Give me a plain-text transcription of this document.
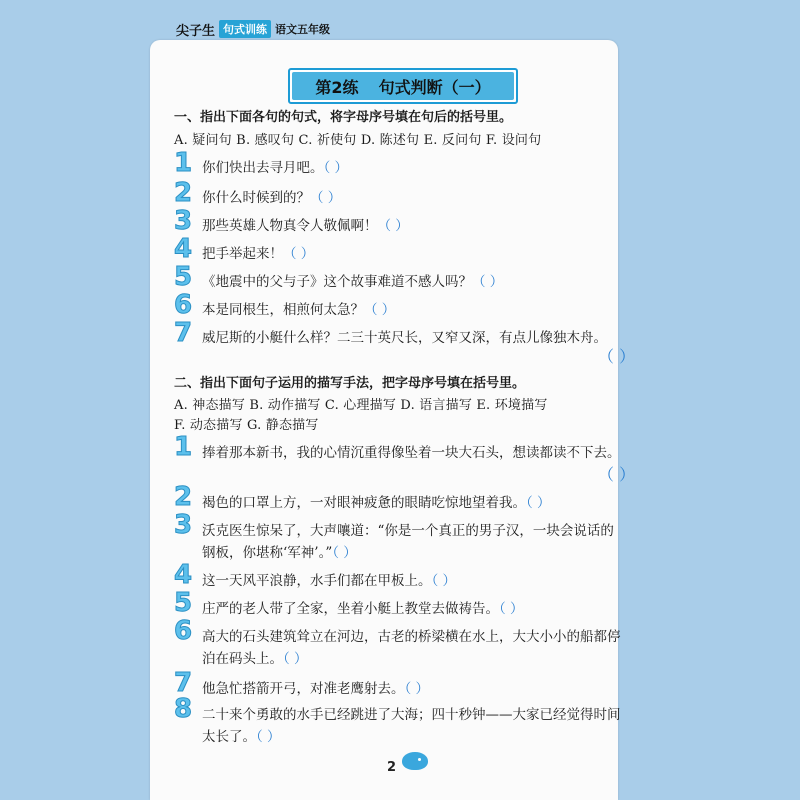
尖子生 句式训练 语文五年级
第2练 句式判断（一）
一、指出下面各句的句式，将字母序号填在句后的括号里。
A. 疑问句 B. 感叹句 C. 祈使句 D. 陈述句 E. 反问句 F. 设问句
1 你们快出去寻月吧。（ ）
2 你什么时候到的？（ ）
3 那些英雄人物真令人敬佩啊！（ ）
4 把手举起来！（ ）
5 《地震中的父与子》这个故事难道不感人吗？（ ）
6 本是同根生，相煎何太急？（ ）
7 威尼斯的小艇什么样？二三十英尺长，又窄又深，有点儿像独木舟。
（ ）
二、指出下面句子运用的描写手法，把字母序号填在括号里。
A. 神态描写 B. 动作描写 C. 心理描写 D. 语言描写 E. 环境描写
F. 动态描写 G. 静态描写
1 捧着那本新书，我的心情沉重得像坠着一块大石头，想读都读不下去。
（ ）
2 褐色的口罩上方，一对眼神疲惫的眼睛吃惊地望着我。（ ）
3 沃克医生惊呆了，大声嚷道：“你是一个真正的男子汉，一块会说话的
钢板，你堪称‘军神’。”（ ）
4 这一天风平浪静，水手们都在甲板上。（ ）
5 庄严的老人带了全家，坐着小艇上教堂去做祷告。（ ）
6 高大的石头建筑耸立在河边，古老的桥梁横在水上，大大小小的船都停
泊在码头上。（ ）
7 他急忙搭箭开弓，对准老鹰射去。（ ）
8 二十来个勇敢的水手已经跳进了大海；四十秒钟——大家已经觉得时间
太长了。（ ）
2
